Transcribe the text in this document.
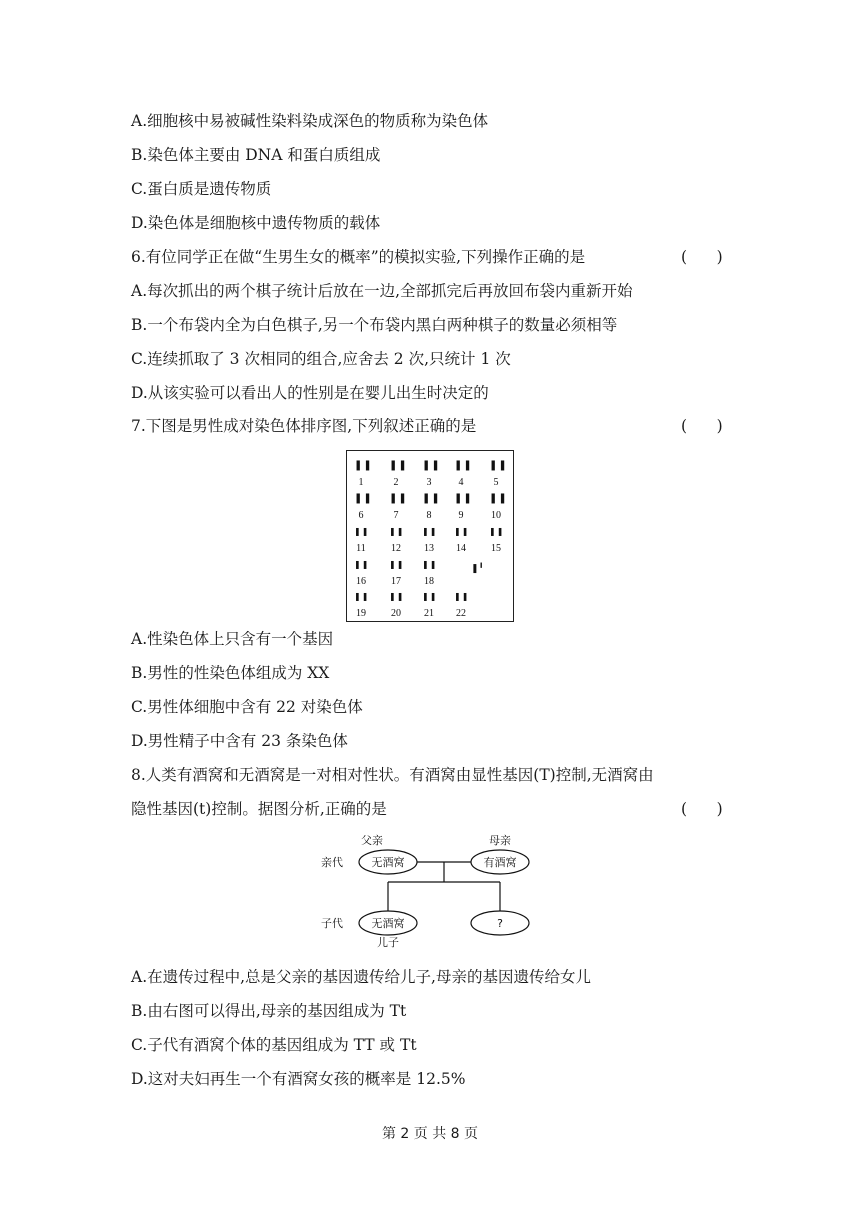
A.细胞核中易被碱性染料染成深色的物质称为染色体
B.染色体主要由 DNA 和蛋白质组成
C.蛋白质是遗传物质
D.染色体是细胞核中遗传物质的载体
6.有位同学正在做“生男生女的概率”的模拟实验,下列操作正确的是	(      )
A.每次抓出的两个棋子统计后放在一边,全部抓完后再放回布袋内重新开始
B.一个布袋内全为白色棋子,另一个布袋内黑白两种棋子的数量必须相等
C.连续抓取了 3 次相同的组合,应舍去 2 次,只统计 1 次
D.从该实验可以看出人的性别是在婴儿出生时决定的
7.下图是男性成对染色体排序图,下列叙述正确的是	(      )
❚❚
1
❚❚
2
❚❚
3
❚❚
4
❚❚
5
❚❚
6
❚❚
7
❚❚
8
❚❚
9
❚❚
10
❚❚
11
❚❚
12
❚❚
13
❚❚
14
❚❚
15
❚❚
16
❚❚
17
❚❚
18
❚❚
19
❚❚
20
❚❚
21
❚❚
22
❚╹
A.性染色体上只含有一个基因
B.男性的性染色体组成为 XX
C.男性体细胞中含有 22 对染色体
D.男性精子中含有 23 条染色体
8.人类有酒窝和无酒窝是一对相对性状。有酒窝由显性基因(T)控制,无酒窝由
隐性基因(t)控制。据图分析,正确的是	(      )
父亲	母亲
亲代	无酒窝	有酒窝
子代	无酒窝	?
儿子
A.在遗传过程中,总是父亲的基因遗传给儿子,母亲的基因遗传给女儿
B.由右图可以得出,母亲的基因组成为 Tt
C.子代有酒窝个体的基因组成为 TT 或 Tt
D.这对夫妇再生一个有酒窝女孩的概率是 12.5%
第 2 页 共 8 页
